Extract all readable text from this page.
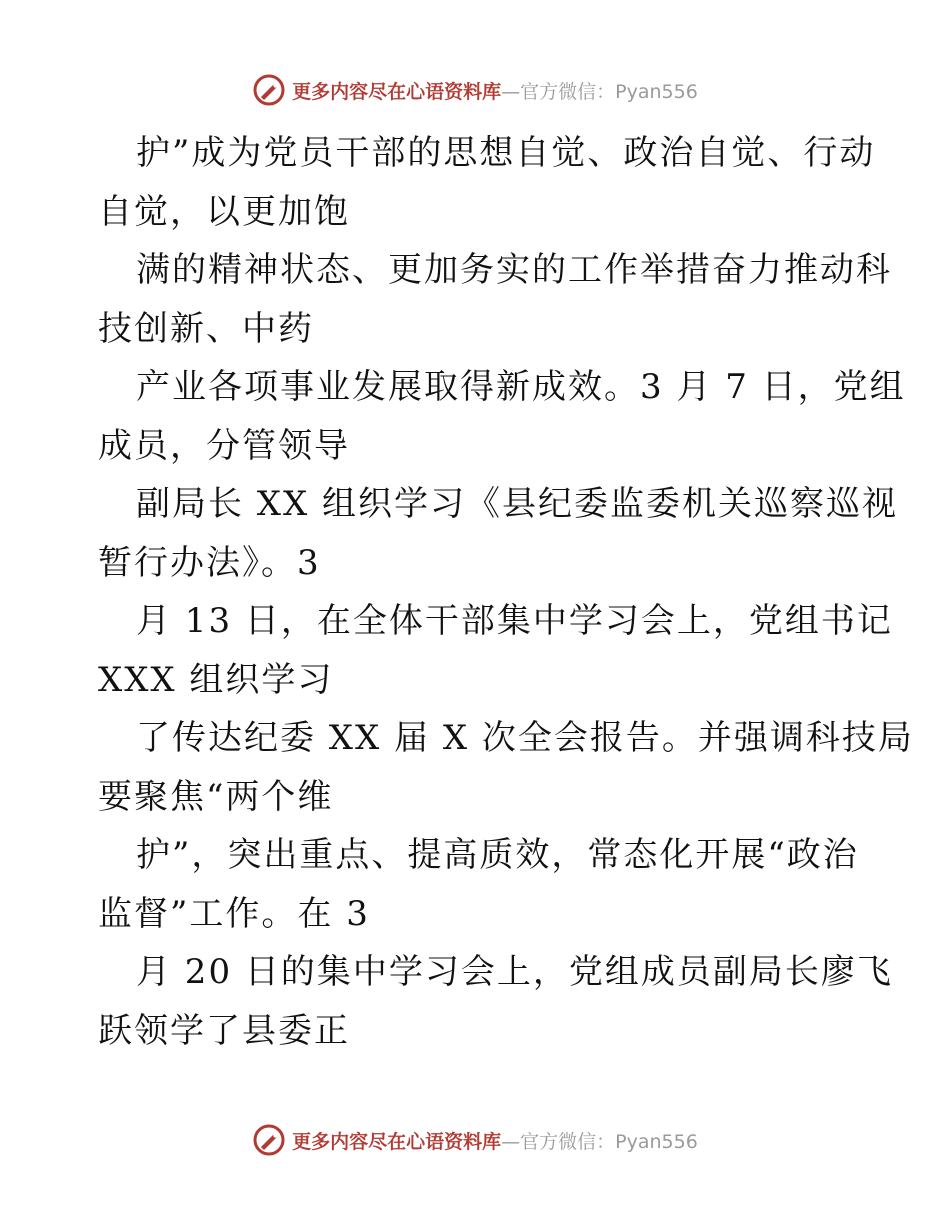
更多内容尽在心语资料库—官方微信：Pyan556
护”成为党员干部的思想自觉、政治自觉、行动
自觉，以更加饱
满的精神状态、更加务实的工作举措奋力推动科
技创新、中药
产业各项事业发展取得新成效。3 月 7 日，党组
成员，分管领导
副局长 XX 组织学习《县纪委监委机关巡察巡视
暂行办法》。3
月 13 日，在全体干部集中学习会上，党组书记
XXX 组织学习
了传达纪委 XX 届 X 次全会报告。并强调科技局
要聚焦“两个维
护”，突出重点、提高质效，常态化开展“政治
监督”工作。在 3
月 20 日的集中学习会上，党组成员副局长廖飞
跃领学了县委正
更多内容尽在心语资料库—官方微信：Pyan556
